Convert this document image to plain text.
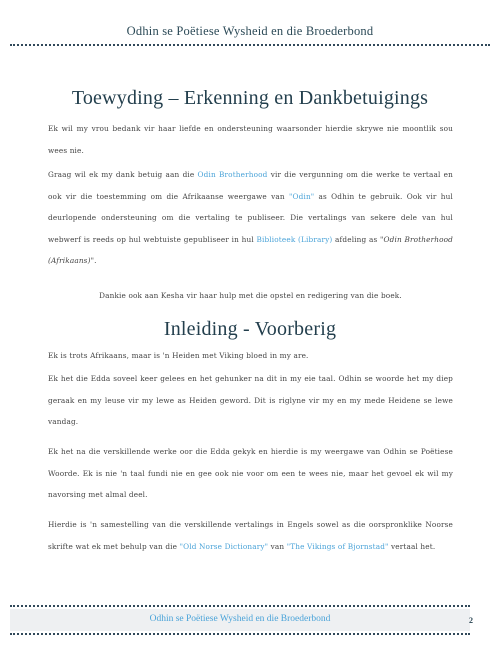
Odhin se Poëtiese Wysheid en die Broederbond
Toewyding – Erkenning en Dankbetuigings

Ek wil my vrou bedank vir haar liefde en ondersteuning waarsonder hierdie skrywe nie moontlik sou wees nie.

Graag wil ek my dank betuig aan die Odin Brotherhood vir die vergunning om die werke te vertaal en ook vir die toestemming om die Afrikaanse weergawe van "Odin" as Odhin te gebruik. Ook vir hul deurlopende ondersteuning om die vertaling te publiseer. Die vertalings van sekere dele van hul webwerf is reeds op hul webtuiste gepubliseer in hul Biblioteek (Library) afdeling as "Odin Brotherhood (Afrikaans)".

Dankie ook aan Kesha vir haar hulp met die opstel en redigering van die boek.

Inleiding - Voorberig

Ek is trots Afrikaans, maar is 'n Heiden met Viking bloed in my are.

Ek het die Edda soveel keer gelees en het gehunker na dit in my eie taal. Odhin se woorde het my diep geraak en my leuse vir my lewe as Heiden geword. Dit is riglyne vir my en my mede Heidene se lewe vandag.

Ek het na die verskillende werke oor die Edda gekyk en hierdie is my weergawe van Odhin se Poëtiese Woorde. Ek is nie 'n taal fundi nie en gee ook nie voor om een te wees nie, maar het gevoel ek wil my navorsing met almal deel.

Hierdie is 'n samestelling van die verskillende vertalings in Engels sowel as die oorspronklike Noorse skrifte wat ek met behulp van die "Old Norse Dictionary" van "The Vikings of Bjornstad" vertaal het.

Odhin se Poëtiese Wysheid en die Broederbond	2
